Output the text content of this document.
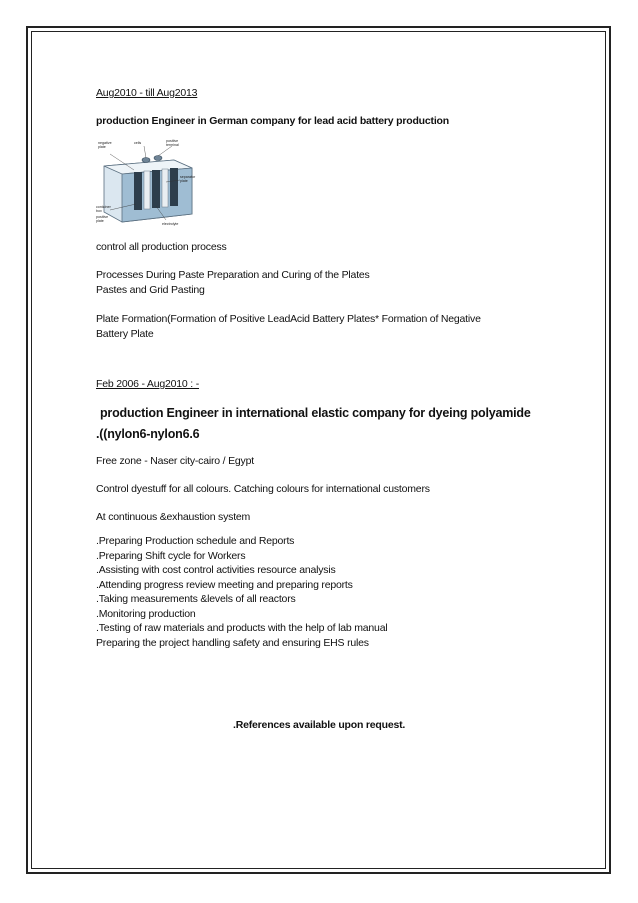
Aug2010 - till Aug2013
production Engineer in German company for lead acid battery production
negative
plate
cells	positive
terminal
separator
plate
container
box
positive
plate
electrolyte
control all production process
Processes During Paste Preparation and Curing of the Plates
Pastes and Grid Pasting
Plate Formation(Formation of Positive LeadAcid Battery Plates* Formation of Negative
Battery Plate
Feb 2006 - Aug2010 : -
production Engineer in international elastic company for dyeing polyamide
.((nylon6-nylon6.6
Free zone - Naser city-cairo / Egypt
Control dyestuff for all colours. Catching colours for international customers
At continuous &exhaustion system
.Preparing Production schedule and Reports
.Preparing Shift cycle for Workers
.Assisting with cost control activities resource analysis
.Attending progress review meeting and preparing reports
.Taking measurements &levels of all reactors
.Monitoring production
.Testing of raw materials and products with the help of lab manual
Preparing the project handling safety and ensuring EHS rules
.References available upon request.
